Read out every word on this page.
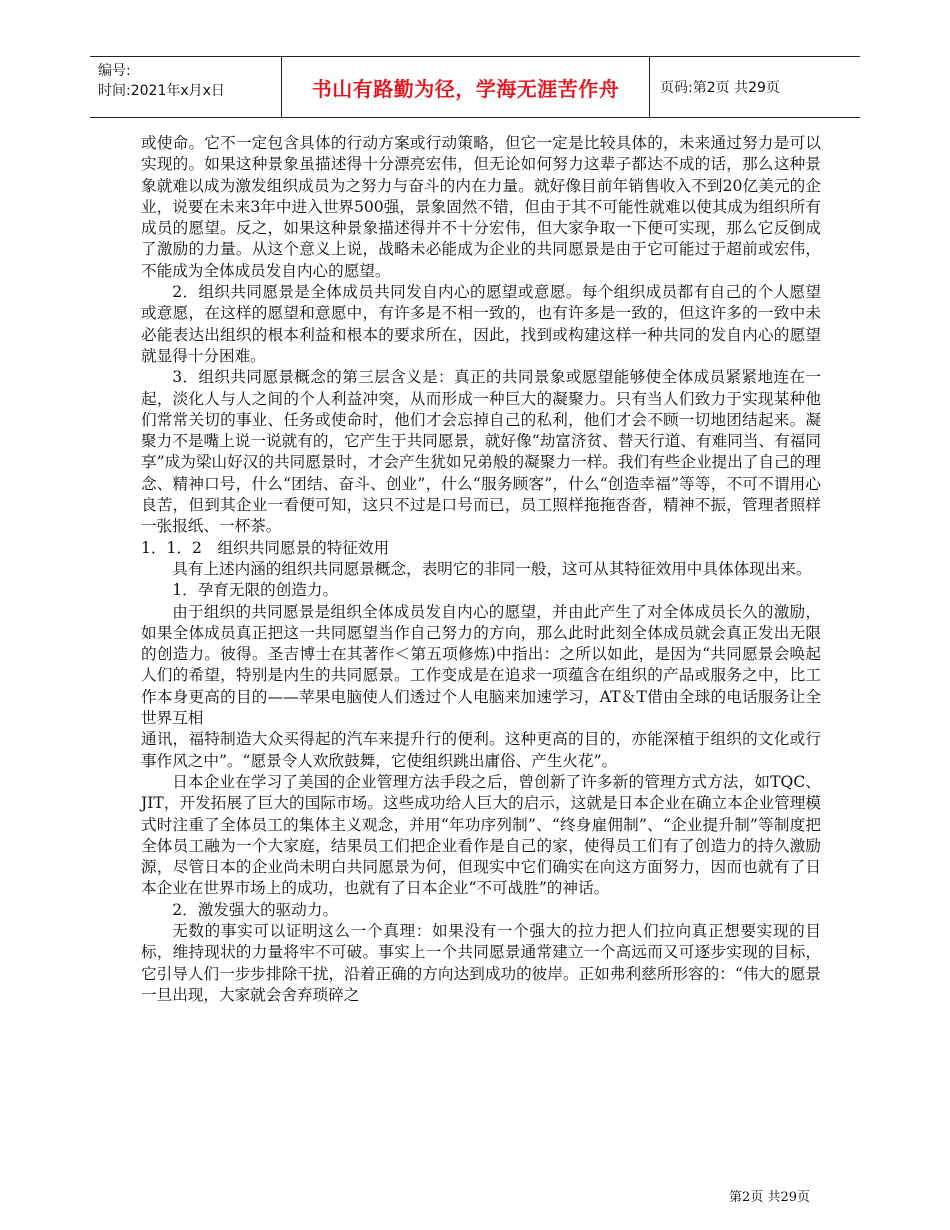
编号:
时间:2021年x月x日	书山有路勤为径，学海无涯苦作舟	页码:第2页 共29页

或使命。它不一定包含具体的行动方案或行动策略，但它一定是比较具体的，未来通过努力是可以实现的。如果这种景象虽描述得十分漂亮宏伟，但无论如何努力这辈子都达不成的话，那么这种景象就难以成为激发组织成员为之努力与奋斗的内在力量。就好像目前年销售收入不到20亿美元的企业，说要在未来3年中进入世界500强，景象固然不错，但由于其不可能性就难以使其成为组织所有成员的愿望。反之，如果这种景象描述得并不十分宏伟，但大家争取一下便可实现，那么它反倒成了激励的力量。从这个意义上说，战略未必能成为企业的共同愿景是由于它可能过于超前或宏伟，不能成为全体成员发自内心的愿望。

2．组织共同愿景是全体成员共同发自内心的愿望或意愿。每个组织成员都有自己的个人愿望或意愿，在这样的愿望和意愿中，有许多是不相一致的，也有许多是一致的，但这许多的一致中未必能表达出组织的根本利益和根本的要求所在，因此，找到或构建这样一种共同的发自内心的愿望就显得十分困难。

3．组织共同愿景概念的第三层含义是：真正的共同景象或愿望能够使全体成员紧紧地连在一起，淡化人与人之间的个人利益冲突，从而形成一种巨大的凝聚力。只有当人们致力于实现某种他们常常关切的事业、任务或使命时，他们才会忘掉自己的私利，他们才会不顾一切地团结起来。凝聚力不是嘴上说一说就有的，它产生于共同愿景，就好像“劫富济贫、替天行道、有难同当、有福同享”成为梁山好汉的共同愿景时，才会产生犹如兄弟般的凝聚力一样。我们有些企业提出了自己的理念、精神口号，什么“团结、奋斗、创业”，什么“服务顾客”，什么“创造幸福”等等，不可不谓用心良苦，但到其企业一看便可知，这只不过是口号而已，员工照样拖拖沓沓，精神不振，管理者照样一张报纸、一杯茶。

1．1．2　组织共同愿景的特征效用

具有上述内涵的组织共同愿景概念，表明它的非同一般，这可从其特征效用中具体体现出来。

1．孕育无限的创造力。

由于组织的共同愿景是组织全体成员发自内心的愿望，并由此产生了对全体成员长久的激励，如果全体成员真正把这一共同愿望当作自己努力的方向，那么此时此刻全体成员就会真正发出无限的创造力。彼得。圣吉博士在其著作＜第五项修炼)中指出：之所以如此，是因为“共同愿景会唤起人们的希望，特别是内生的共同愿景。工作变成是在追求一项蕴含在组织的产品或服务之中，比工作本身更高的目的——苹果电脑使人们透过个人电脑来加速学习，AT＆T借由全球的电话服务让全世界互相
通讯，福特制造大众买得起的汽车来提升行的便利。这种更高的目的，亦能深植于组织的文化或行事作风之中”。“愿景令人欢欣鼓舞，它使组织跳出庸俗、产生火花”。

日本企业在学习了美国的企业管理方法手段之后，曾创新了许多新的管理方式方法，如TQC、JIT，开发拓展了巨大的国际市场。这些成功给人巨大的启示，这就是日本企业在确立本企业管理模式时注重了全体员工的集体主义观念，并用“年功序列制”、“终身雇佣制”、“企业提升制”等制度把全体员工融为一个大家庭，结果员工们把企业看作是自己的家，使得员工们有了创造力的持久激励源，尽管日本的企业尚未明白共同愿景为何，但现实中它们确实在向这方面努力，因而也就有了日本企业在世界市场上的成功，也就有了日本企业“不可战胜”的神话。

2．激发强大的驱动力。

无数的事实可以证明这么一个真理：如果没有一个强大的拉力把人们拉向真正想要实现的目标，维持现状的力量将牢不可破。事实上一个共同愿景通常建立一个高远而又可逐步实现的目标，它引导人们一步步排除干扰，沿着正确的方向达到成功的彼岸。正如弗利慈所形容的：“伟大的愿景一旦出现，大家就会舍弃琐碎之

第2页 共29页
